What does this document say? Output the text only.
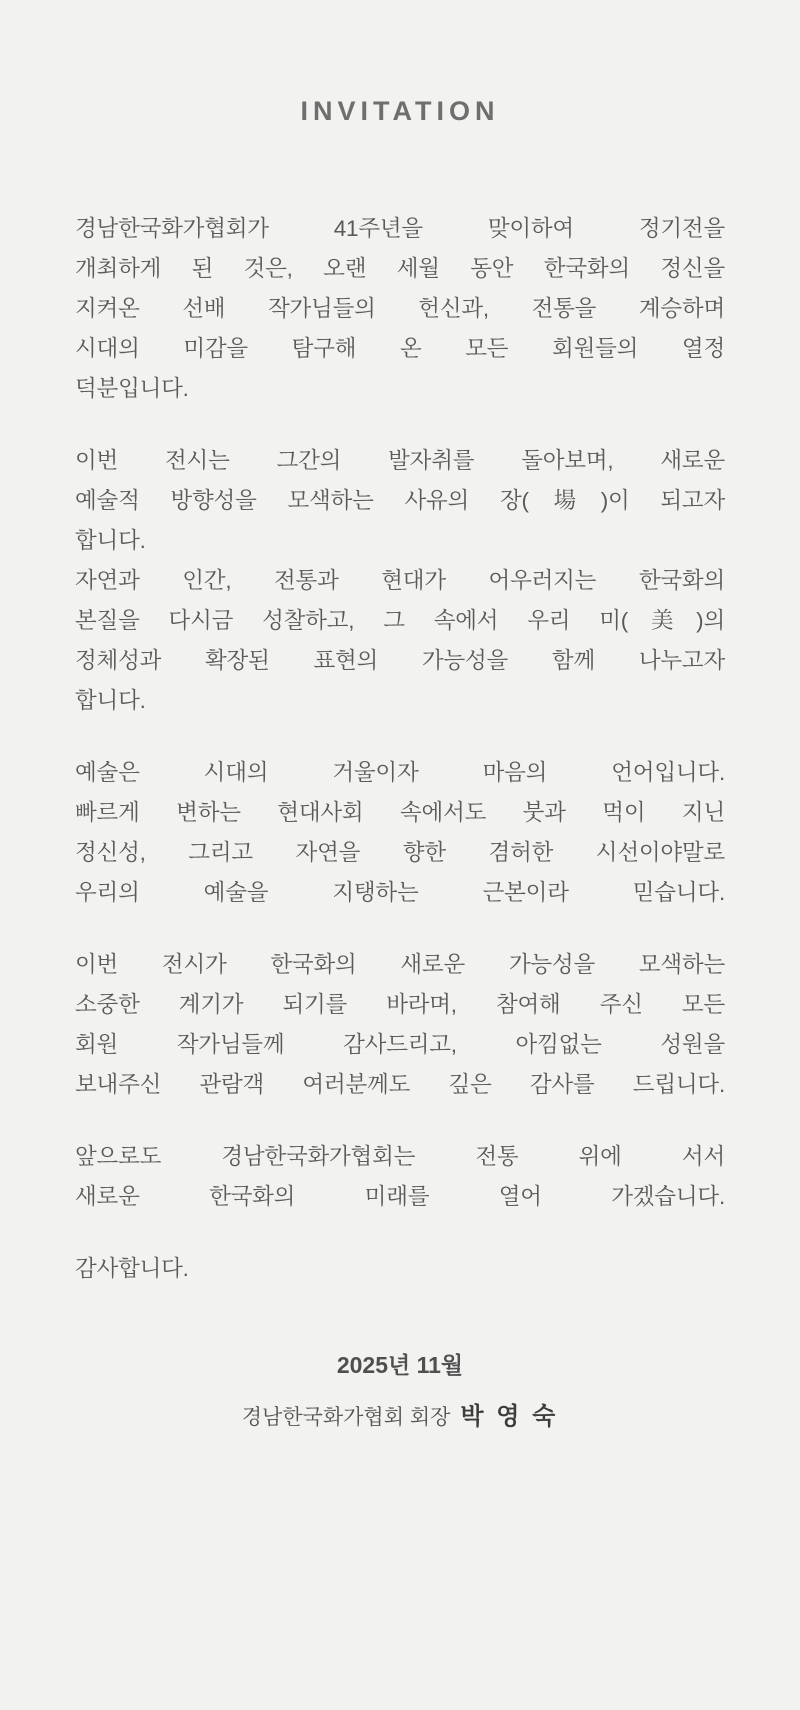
INVITATION

경남한국화가협회가 41주년을 맞이하여 정기전을
개최하게 된 것은, 오랜 세월 동안 한국화의 정신을
지켜온 선배 작가님들의 헌신과, 전통을 계승하며
시대의 미감을 탐구해 온 모든 회원들의 열정
덕분입니다.

이번 전시는 그간의 발자취를 돌아보며, 새로운
예술적 방향성을 모색하는 사유의 장(場)이 되고자
합니다.
자연과 인간, 전통과 현대가 어우러지는 한국화의
본질을 다시금 성찰하고, 그 속에서 우리 미(美)의
정체성과 확장된 표현의 가능성을 함께 나누고자
합니다.

예술은 시대의 거울이자 마음의 언어입니다.
빠르게 변하는 현대사회 속에서도 붓과 먹이 지닌
정신성, 그리고 자연을 향한 겸허한 시선이야말로
우리의 예술을 지탱하는 근본이라 믿습니다.

이번 전시가 한국화의 새로운 가능성을 모색하는
소중한 계기가 되기를 바라며, 참여해 주신 모든
회원 작가님들께 감사드리고, 아낌없는 성원을
보내주신 관람객 여러분께도 깊은 감사를 드립니다.

앞으로도 경남한국화가협회는 전통 위에 서서
새로운 한국화의 미래를 열어 가겠습니다.

감사합니다.

2025년 11월

경남한국화가협회 회장 박 영 숙
